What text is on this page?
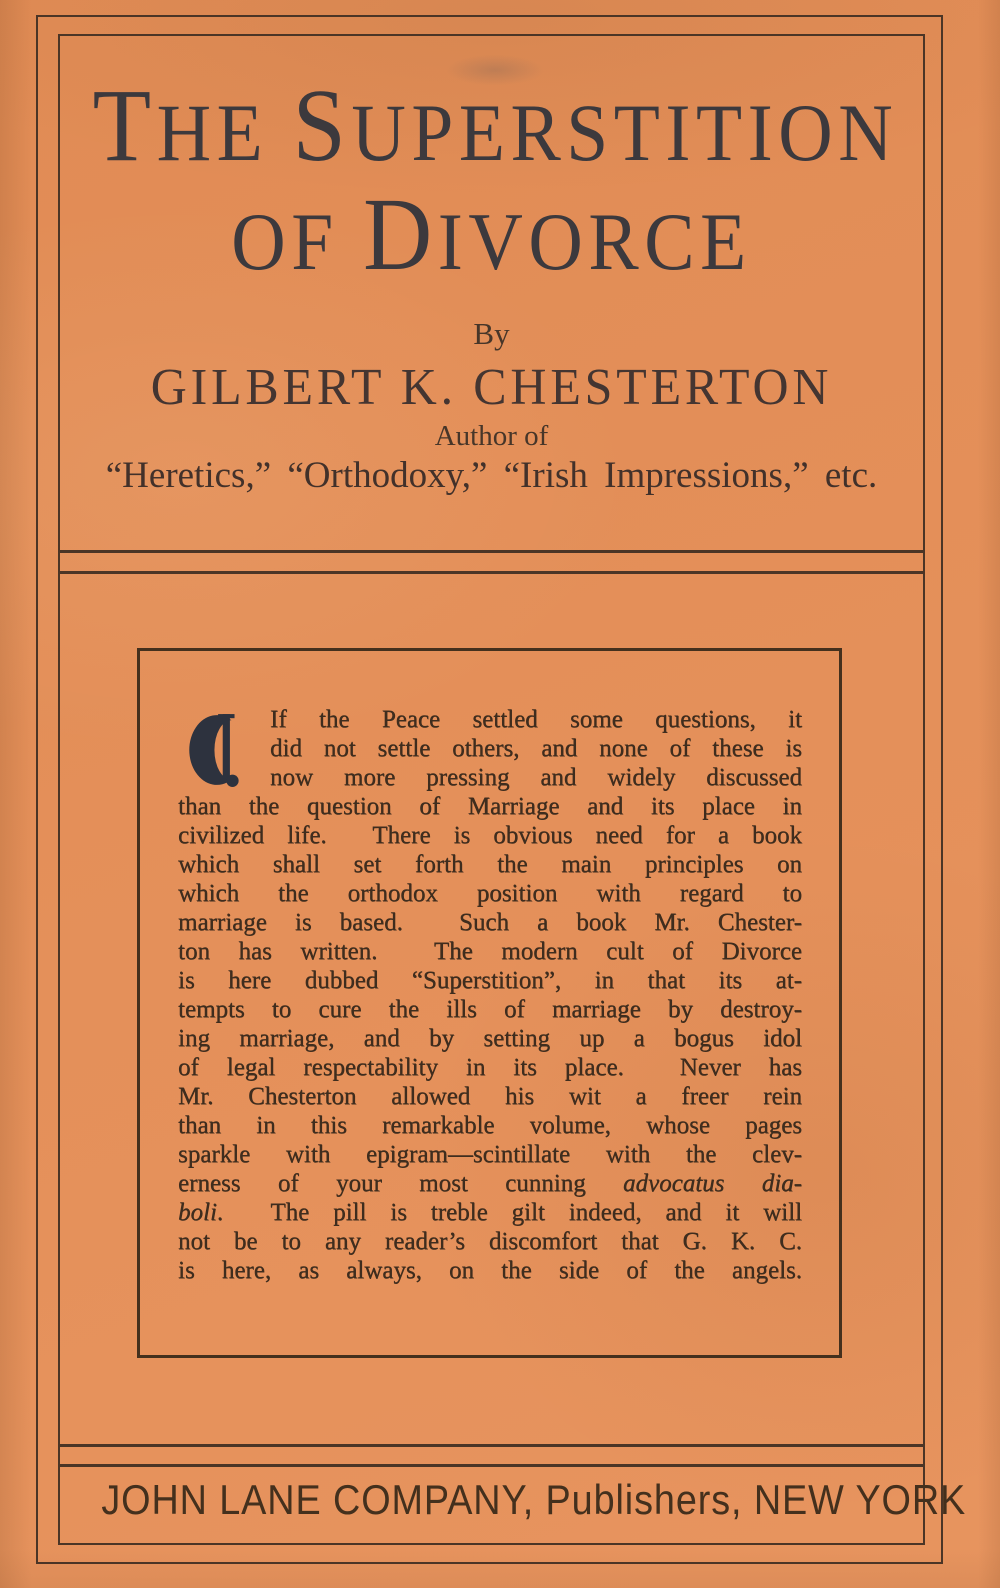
THE SUPERSTITION
OF DIVORCE
By
GILBERT K. CHESTERTON
Author of
“Heretics,” “Orthodoxy,” “Irish Impressions,” etc.
If the Peace settled some questions, it
did not settle others, and none of these is
now more pressing and widely discussed
than the question of Marriage and its place in
civilized life.  There is obvious need for a book
which shall set forth the main principles on
which the orthodox position with regard to
marriage is based.  Such a book Mr. Chester-
ton has written.  The modern cult of Divorce
is here dubbed “Superstition”, in that its at-
tempts to cure the ills of marriage by destroy-
ing marriage, and by setting up a bogus idol
of legal respectability in its place.  Never has
Mr. Chesterton allowed his wit a freer rein
than in this remarkable volume, whose pages
sparkle with epigram—scintillate with the clev-
erness of your most cunning advocatus dia-
boli.  The pill is treble gilt indeed, and it will
not be to any reader’s discomfort that G. K. C.
is here, as always, on the side of the angels.
JOHN LANE COMPANY, Publishers, NEW YORK
